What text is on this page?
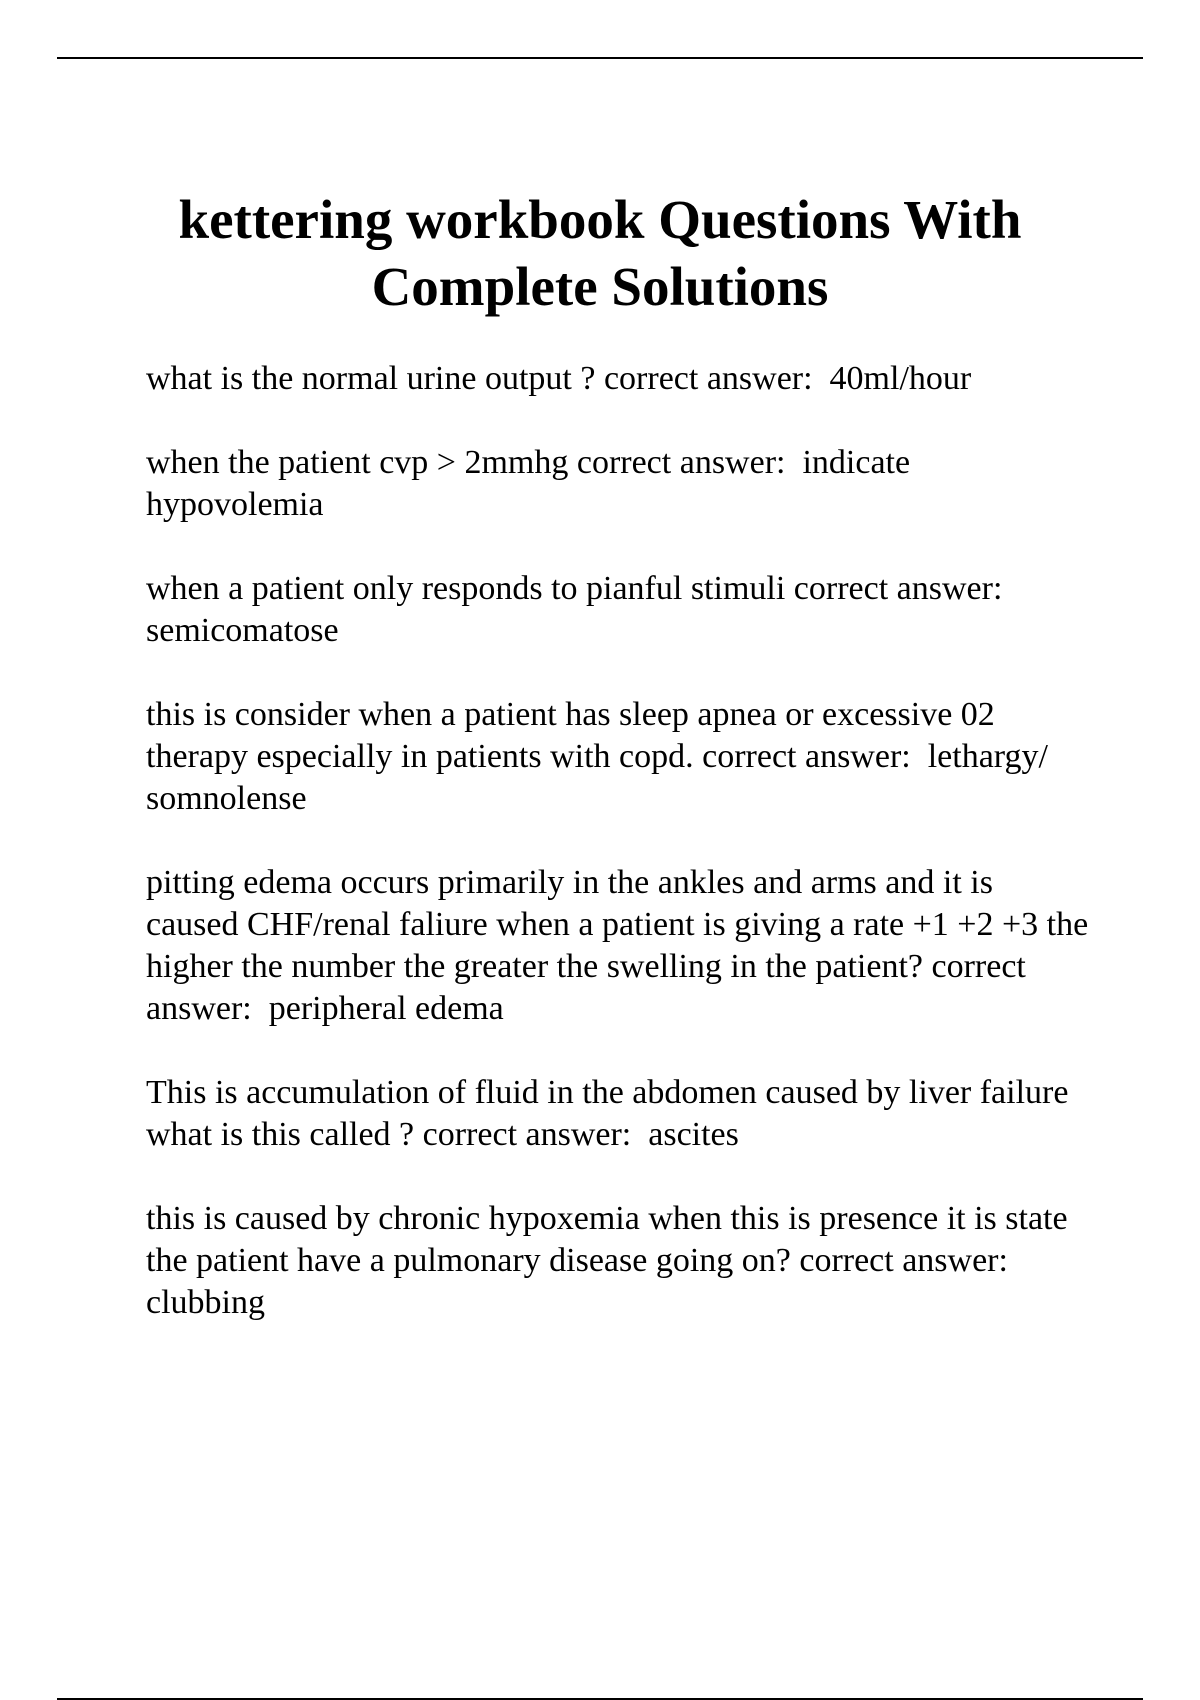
kettering workbook Questions With
Complete Solutions

what is the normal urine output ? correct answer:  40ml/hour

when the patient cvp > 2mmhg correct answer:  indicate hypovolemia

when a patient only responds to pianful stimuli correct answer: semicomatose

this is consider when a patient has sleep apnea or excessive 02 therapy especially in patients with copd. correct answer:  lethargy/ somnolense

pitting edema occurs primarily in the ankles and arms and it is caused CHF/renal faliure when a patient is giving a rate +1 +2 +3 the higher the number the greater the swelling in the patient? correct answer:  peripheral edema

This is accumulation of fluid in the abdomen caused by liver failure what is this called ? correct answer:  ascites

this is caused by chronic hypoxemia when this is presence it is state the patient have a pulmonary disease going on? correct answer:  clubbing
